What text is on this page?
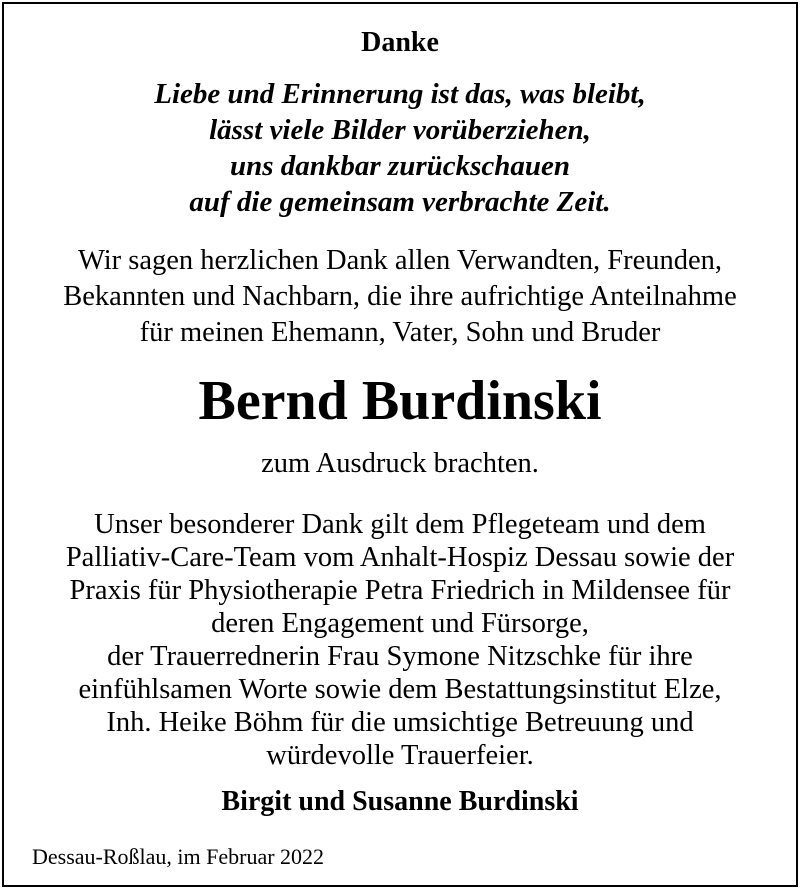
Danke
Liebe und Erinnerung ist das, was bleibt,
lässt viele Bilder vorüberziehen,
uns dankbar zurückschauen
auf die gemeinsam verbrachte Zeit.
Wir sagen herzlichen Dank allen Verwandten, Freunden,
Bekannten und Nachbarn, die ihre aufrichtige Anteilnahme
für meinen Ehemann, Vater, Sohn und Bruder
Bernd Burdinski
zum Ausdruck brachten.
Unser besonderer Dank gilt dem Pflegeteam und dem
Palliativ-Care-Team vom Anhalt-Hospiz Dessau sowie der
Praxis für Physiotherapie Petra Friedrich in Mildensee für
deren Engagement und Fürsorge,
der Trauerrednerin Frau Symone Nitzschke für ihre
einfühlsamen Worte sowie dem Bestattungsinstitut Elze,
Inh. Heike Böhm für die umsichtige Betreuung und
würdevolle Trauerfeier.
Birgit und Susanne Burdinski
Dessau-Roßlau, im Februar 2022
